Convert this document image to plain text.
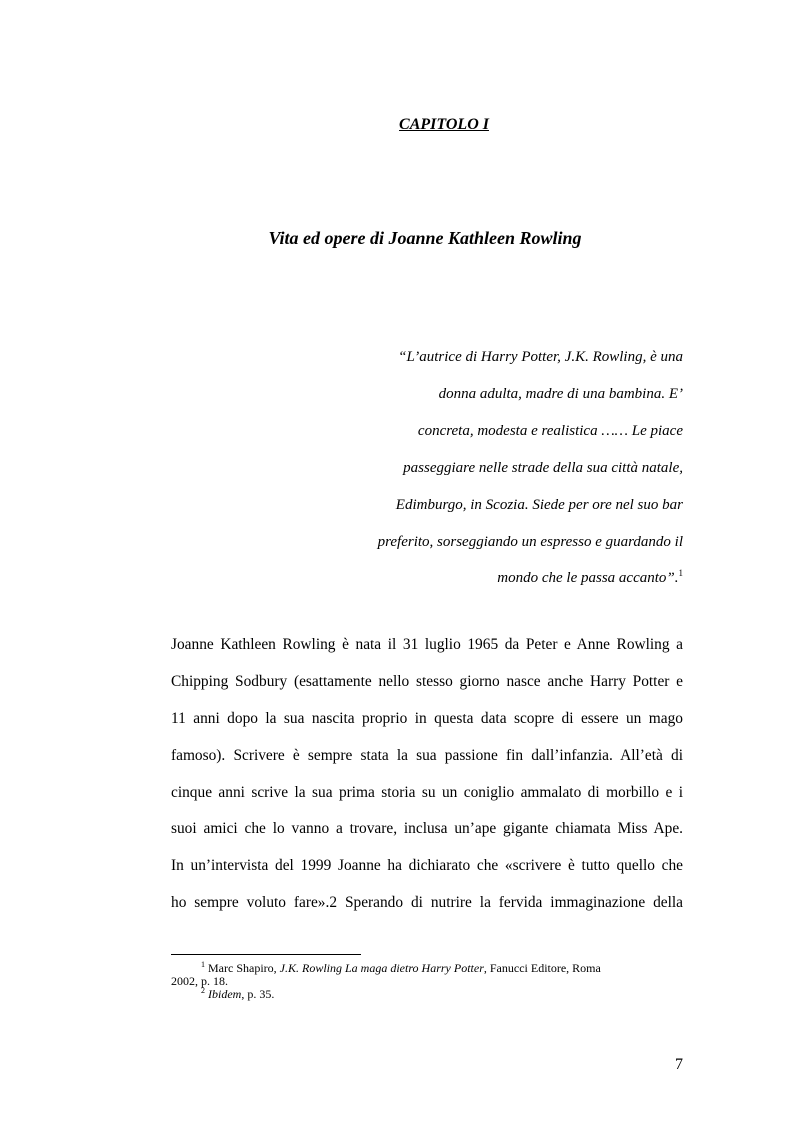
CAPITOLO I
Vita ed opere di Joanne Kathleen Rowling
“L’autrice di Harry Potter, J.K. Rowling, è una
donna adulta, madre di una bambina. E’
concreta, modesta e realistica …… Le piace
passeggiare nelle strade della sua città natale,
Edimburgo, in Scozia. Siede per ore nel suo bar
preferito, sorseggiando un espresso e guardando il
mondo che le passa accanto”.$^1$
Joanne Kathleen Rowling è nata il 31 luglio 1965 da Peter e Anne Rowling a
Chipping Sodbury (esattamente nello stesso giorno nasce anche Harry Potter e
11 anni dopo la sua nascita proprio in questa data scopre di essere un mago
famoso). Scrivere è sempre stata la sua passione fin dall’infanzia. All’età di
cinque anni scrive la sua prima storia su un coniglio ammalato di morbillo e i
suoi amici che lo vanno a trovare, inclusa un’ape gigante chiamata Miss Ape.
In un’intervista del 1999 Joanne ha dichiarato che «scrivere è tutto quello che
ho sempre voluto fare».2 Sperando di nutrire la fervida immaginazione della
$^1$ Marc Shapiro, J.K. Rowling La maga dietro Harry Potter, Fanucci Editore, Roma
2002, p. 18.
$^2$ Ibidem, p. 35.
7
